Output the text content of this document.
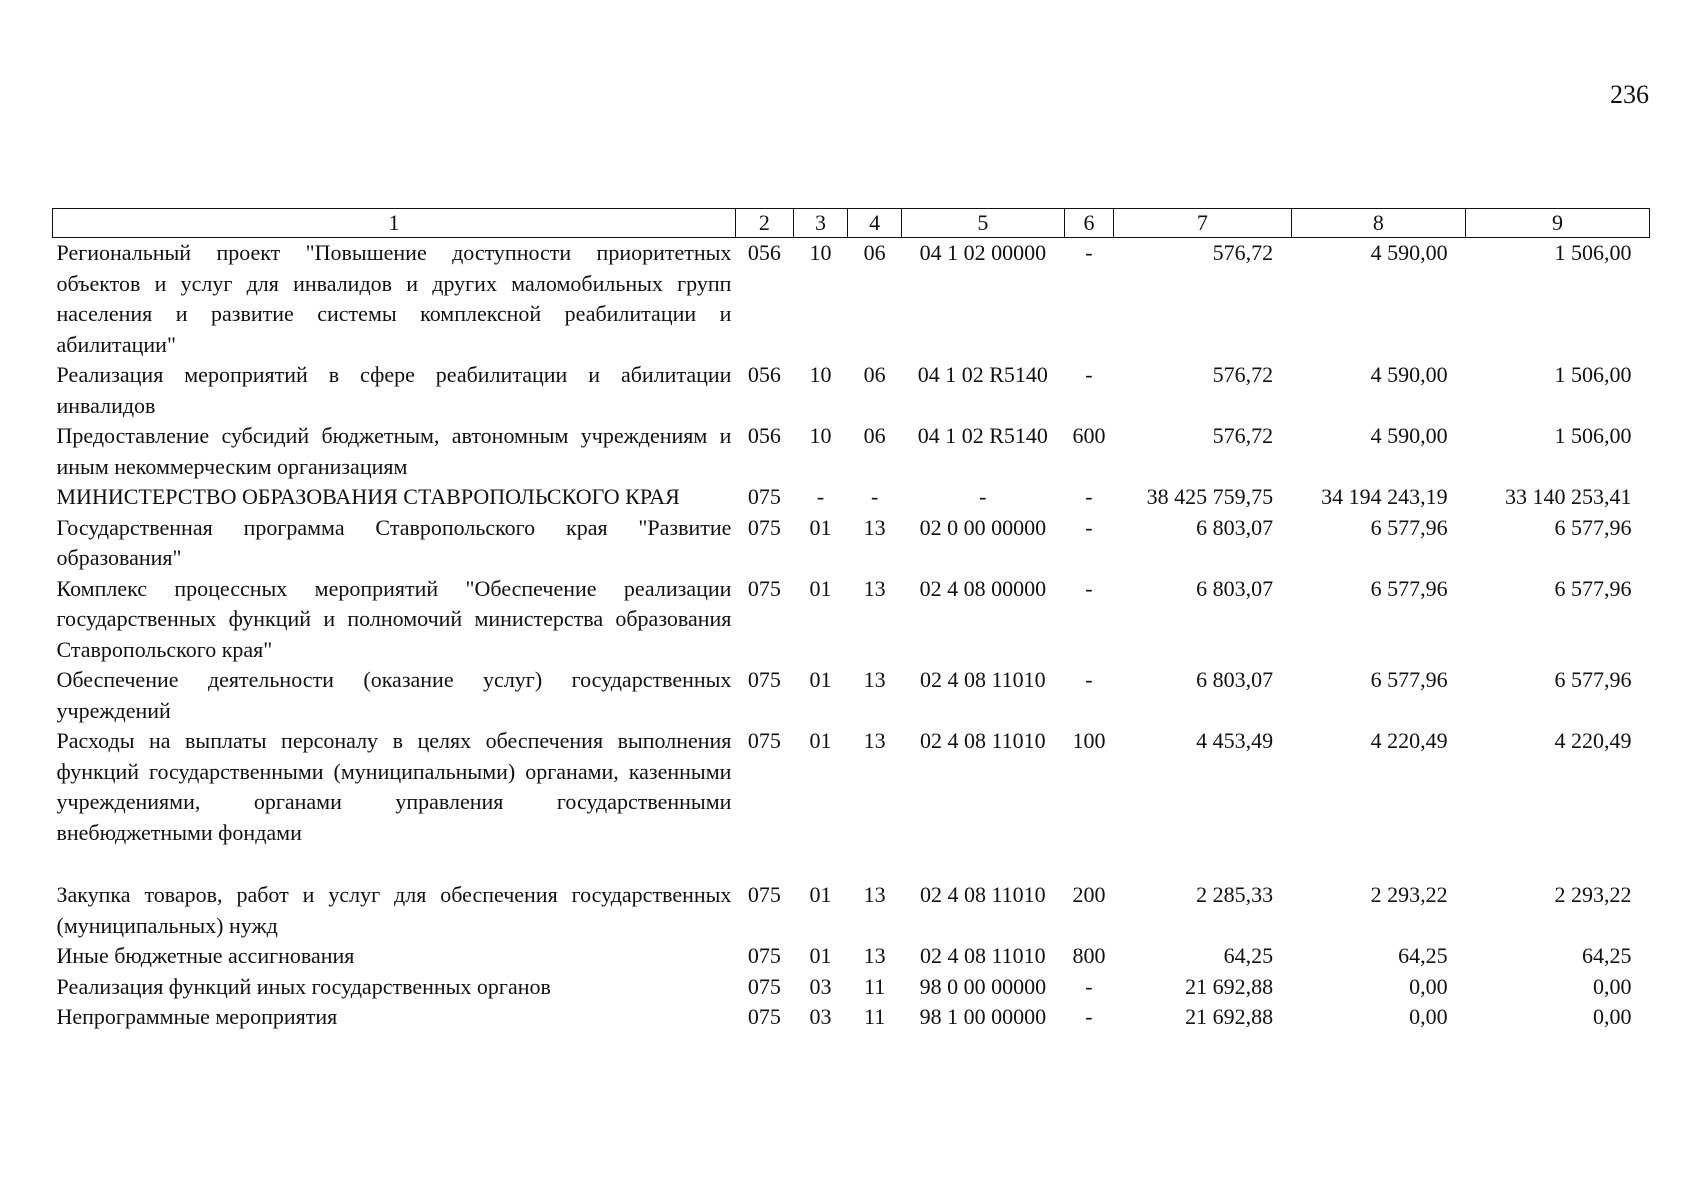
236
1	2	3	4	5	6	7	8	9
Региональный проект "Повышение доступности приоритетных объектов и услуг для инвалидов и других маломобильных групп населения и развитие системы комплексной реабилитации и абилитации"	056	10	06	04 1 02 00000	-	576,72	4 590,00	1 506,00
Реализация мероприятий в сфере реабилитации и абилитации инвалидов	056	10	06	04 1 02 R5140	-	576,72	4 590,00	1 506,00
Предоставление субсидий бюджетным, автономным учреждениям и иным некоммерческим организациям	056	10	06	04 1 02 R5140	600	576,72	4 590,00	1 506,00
МИНИСТЕРСТВО ОБРАЗОВАНИЯ СТАВРОПОЛЬСКОГО КРАЯ	075	-	-	-	-	38 425 759,75	34 194 243,19	33 140 253,41
Государственная программа Ставропольского края "Развитие образования"	075	01	13	02 0 00 00000	-	6 803,07	6 577,96	6 577,96
Комплекс процессных мероприятий "Обеспечение реализации государственных функций и полномочий министерства образования Ставропольского края"	075	01	13	02 4 08 00000	-	6 803,07	6 577,96	6 577,96
Обеспечение деятельности (оказание услуг) государственных учреждений	075	01	13	02 4 08 11010	-	6 803,07	6 577,96	6 577,96
Расходы на выплаты персоналу в целях обеспечения выполнения функций государственными (муниципальными) органами, казенными учреждениями, органами управления государственными внебюджетными фондами	075	01	13	02 4 08 11010	100	4 453,49	4 220,49	4 220,49
Закупка товаров, работ и услуг для обеспечения государственных (муниципальных) нужд	075	01	13	02 4 08 11010	200	2 285,33	2 293,22	2 293,22
Иные бюджетные ассигнования	075	01	13	02 4 08 11010	800	64,25	64,25	64,25
Реализация функций иных государственных органов	075	03	11	98 0 00 00000	-	21 692,88	0,00	0,00
Непрограммные мероприятия	075	03	11	98 1 00 00000	-	21 692,88	0,00	0,00
